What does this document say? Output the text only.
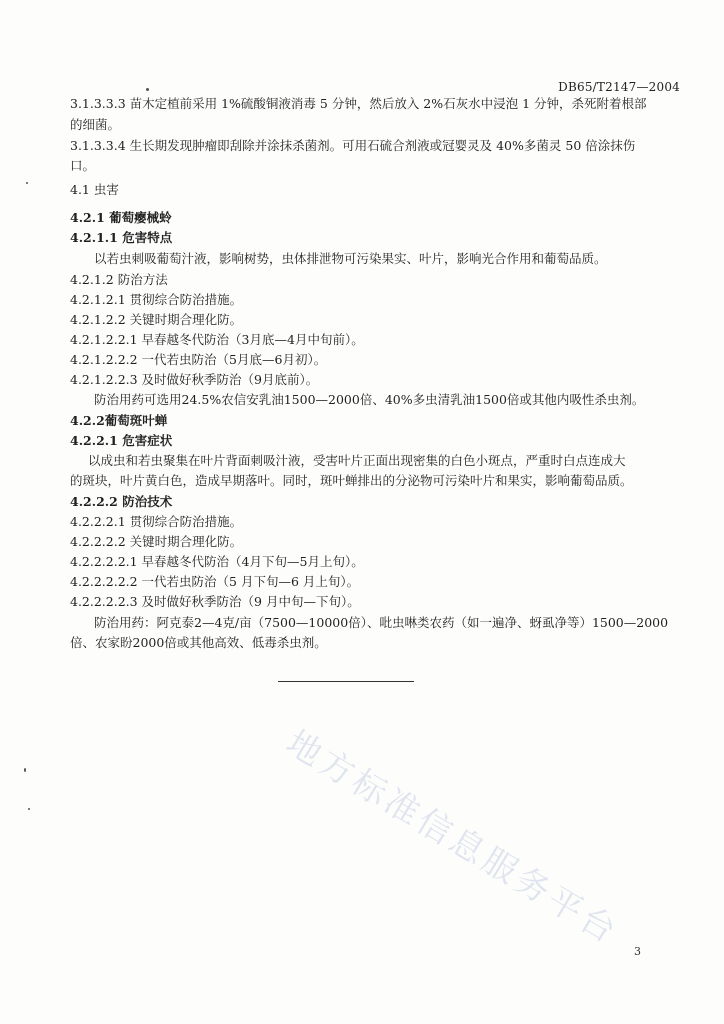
DB65/T2147—2004
地方标准信息服务平台
3.1.3.3.3 苗木定植前采用 1%硫酸铜液消毒 5 分钟，然后放入 2%石灰水中浸泡 1 分钟，杀死附着根部
的细菌。
3.1.3.3.4 生长期发现肿瘤即刮除并涂抹杀菌剂。可用石硫合剂液或冠婴灵及 40%多菌灵 50 倍涂抹伤
口。
4.1 虫害
4.2.1 葡萄瘿械蛉
4.2.1.1 危害特点
以若虫刺吸葡萄汁液，影响树势，虫体排泄物可污染果实、叶片，影响光合作用和葡萄品质。
4.2.1.2 防治方法
4.2.1.2.1 贯彻综合防治措施。
4.2.1.2.2 关键时期合理化防。
4.2.1.2.2.1 早春越冬代防治（3月底—4月中旬前）。
4.2.1.2.2.2 一代若虫防治（5月底—6月初）。
4.2.1.2.2.3 及时做好秋季防治（9月底前）。
防治用药可选用24.5%农信安乳油1500—2000倍、40%多虫清乳油1500倍或其他内吸性杀虫剂。
4.2.2葡萄斑叶蝉
4.2.2.1 危害症状
以成虫和若虫聚集在叶片背面刺吸汁液，受害叶片正面出现密集的白色小斑点，严重时白点连成大
的斑块，叶片黄白色，造成早期落叶。同时，斑叶蝉排出的分泌物可污染叶片和果实，影响葡萄品质。
4.2.2.2 防治技术
4.2.2.2.1 贯彻综合防治措施。
4.2.2.2.2 关键时期合理化防。
4.2.2.2.2.1 早春越冬代防治（4月下旬—5月上旬）。
4.2.2.2.2.2 一代若虫防治（5 月下旬—6 月上旬）。
4.2.2.2.2.3 及时做好秋季防治（9 月中旬—下旬）。
防治用药：阿克泰2—4克/亩（7500—10000倍）、吡虫啉类农药（如一遍净、蚜虱净等）1500—2000
倍、农家盼2000倍或其他高效、低毒杀虫剂。
3
